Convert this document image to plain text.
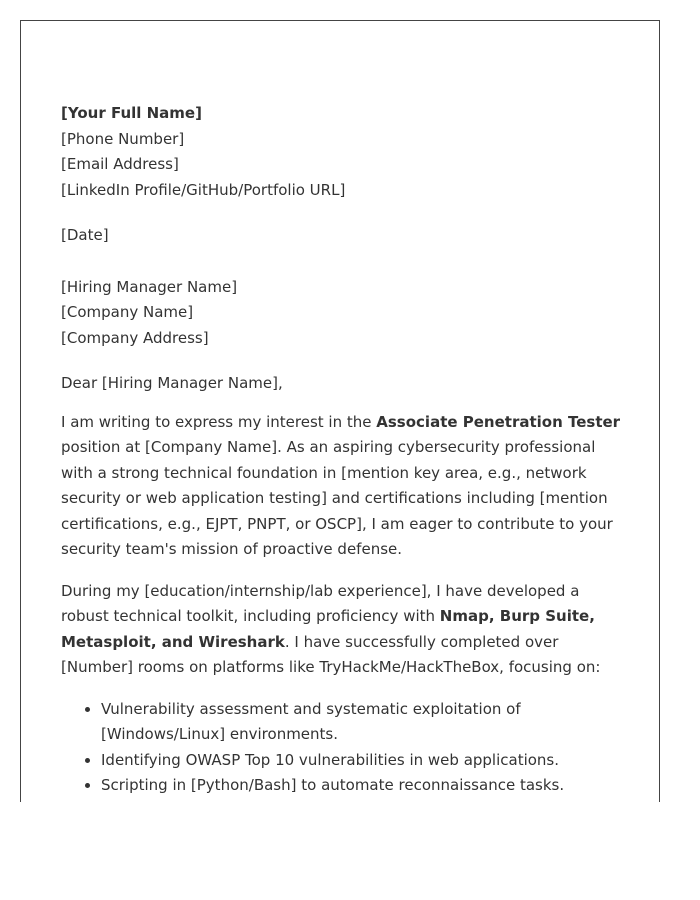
[Your Full Name]
[Phone Number]
[Email Address]
[LinkedIn Profile/GitHub/Portfolio URL]
[Date]
[Hiring Manager Name]
[Company Name]
[Company Address]
Dear [Hiring Manager Name],

I am writing to express my interest in the Associate Penetration Tester position at [Company Name]. As an aspiring cybersecurity professional with a strong technical foundation in [mention key area, e.g., network security or web application testing] and certifications including [mention certifications, e.g., EJPT, PNPT, or OSCP], I am eager to contribute to your security team's mission of proactive defense.

During my [education/internship/lab experience], I have developed a robust technical toolkit, including proficiency with Nmap, Burp Suite, Metasploit, and Wireshark. I have successfully completed over [Number] rooms on platforms like TryHackMe/HackTheBox, focusing on:

• Vulnerability assessment and systematic exploitation of [Windows/Linux] environments.
• Identifying OWASP Top 10 vulnerabilities in web applications.
• Scripting in [Python/Bash] to automate reconnaissance tasks.
